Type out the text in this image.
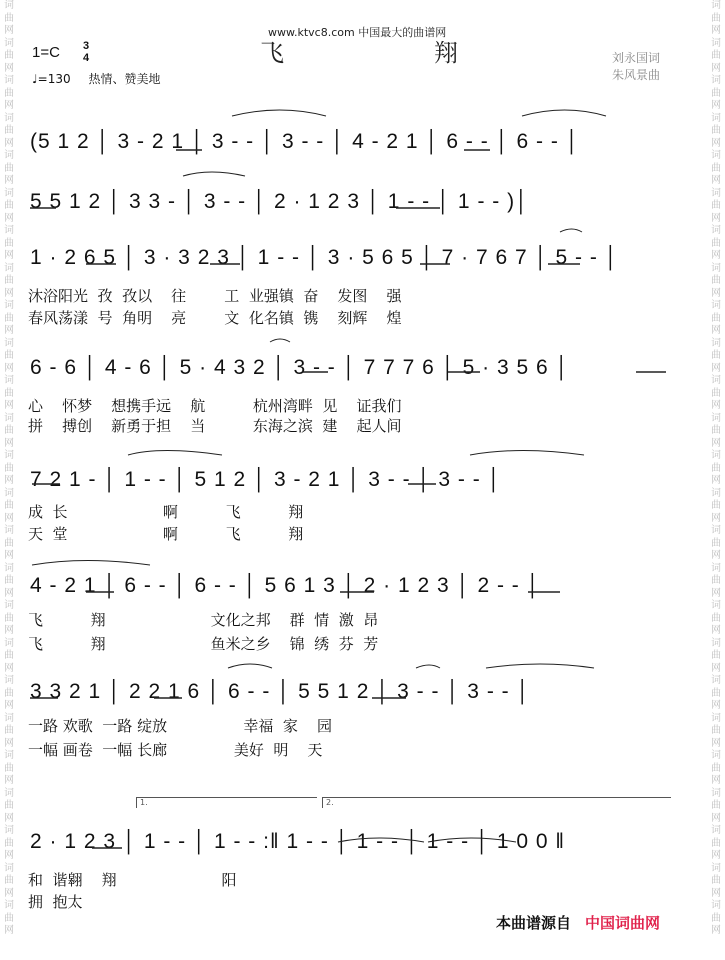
词曲网词曲网词曲网词曲网词曲网词曲网词曲网词曲网词曲网词曲网词曲网词曲网词曲网词曲网词曲网词曲网词曲网词曲网词曲网词曲网词曲网词曲网词曲网词曲网词曲网
词曲网词曲网词曲网词曲网词曲网词曲网词曲网词曲网词曲网词曲网词曲网词曲网词曲网词曲网词曲网词曲网词曲网词曲网词曲网词曲网词曲网词曲网词曲网词曲网词曲网
www.ktvc8.com 中国最大的曲谱网
1=C 3
4	飞翔
♩=130 热情、赞美地
刘永国词
朱风景曲
(5 1 2 │ 3 - 2 1 │ 3 - - │ 3 - - │ 4 - 2 1 │ 6 - - │ 6 - - │
5 5 1 2 │ 3 3 - │ 3 - - │ 2 · 1 2 3 │ 1 - - │ 1 - - )│
1 · 2 6 5 │ 3 · 3 2 3 │ 1 - - │ 3 · 5 6 5 │ 7 · 7 6 7 │ 5 - - │
沐浴阳光  孜  孜以    往        工  业强镇  奋    发图    强
春风荡漾  号  角明    亮        文  化名镇  镌    刻辉    煌
6 - 6 │ 4 - 6 │ 5 · 4 3 2 │ 3 - - │ 7 7 7 6 │ 5 · 3 5 6 │
心    怀梦    想携手远    航          杭州湾畔  见    证我们
拼    搏创    新勇于担    当          东海之滨  建    起人间
7 2 1 - │ 1 - - │ 5 1 2 │ 3 - 2 1 │ 3 - - │ 3 - - │
成  长                    啊          飞          翔
天  堂                    啊          飞          翔
4 - 2 1 │ 6 - - │ 6 - - │ 5 6 1 3 │ 2 · 1 2 3 │ 2 - - │
飞          翔                      文化之邦    群  情  激  昂
飞          翔                      鱼米之乡    锦  绣  芬  芳
3 3 2 1 │ 2 2 1 6 │ 6 - - │ 5 5 1 2 │ 3 - - │ 3 - - │
一路 欢歌  一路 绽放                幸福  家    园
一幅 画卷  一幅 长廊              美好  明    天
1.	2.
2 · 1 2 3 │ 1 - - │ 1 - - :‖ 1 - - │ 1 - - │ 1 - - │ 1 0 0 ‖
和  谐翱    翔                      阳
拥  抱太
本曲谱源自 中国词曲网
